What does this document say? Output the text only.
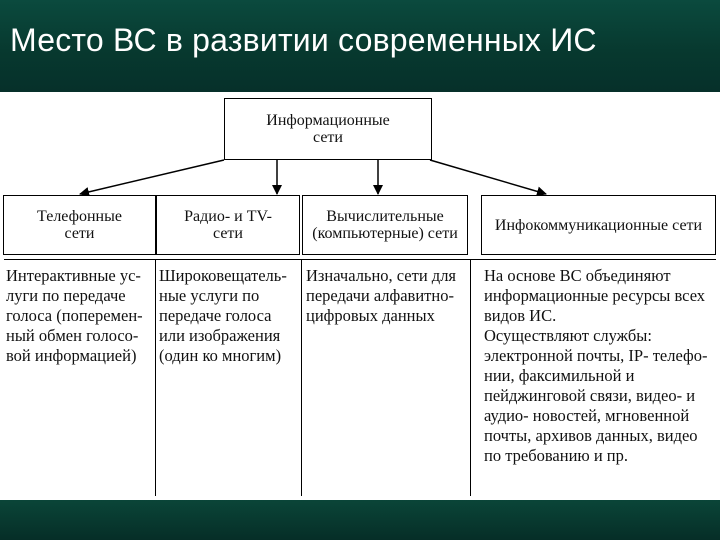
Место ВС в развитии современных ИС
Информационные
сети
Телефонные
сети
Радио- и TV-
сети
Вычислительные
(компьютерные) сети Инфокоммуникационные сети

Интерактивные ус-

луги по передаче

голоса (поперемен-

ный обмен голосо-

вой информацией)

Широковещатель-

ные услуги по

передаче голоса

или изображения

(один ко многим)

Изначально, сети для

передачи алфавитно-

цифровых данных

На основе ВС объединяют

информационные ресурсы всех

видов ИС.

Осуществляют службы:

электронной почты, IP- телефо-

нии, факсимильной и

пейджинговой связи, видео- и

аудио- новостей, мгновенной

почты, архивов данных, видео

по требованию и пр.
